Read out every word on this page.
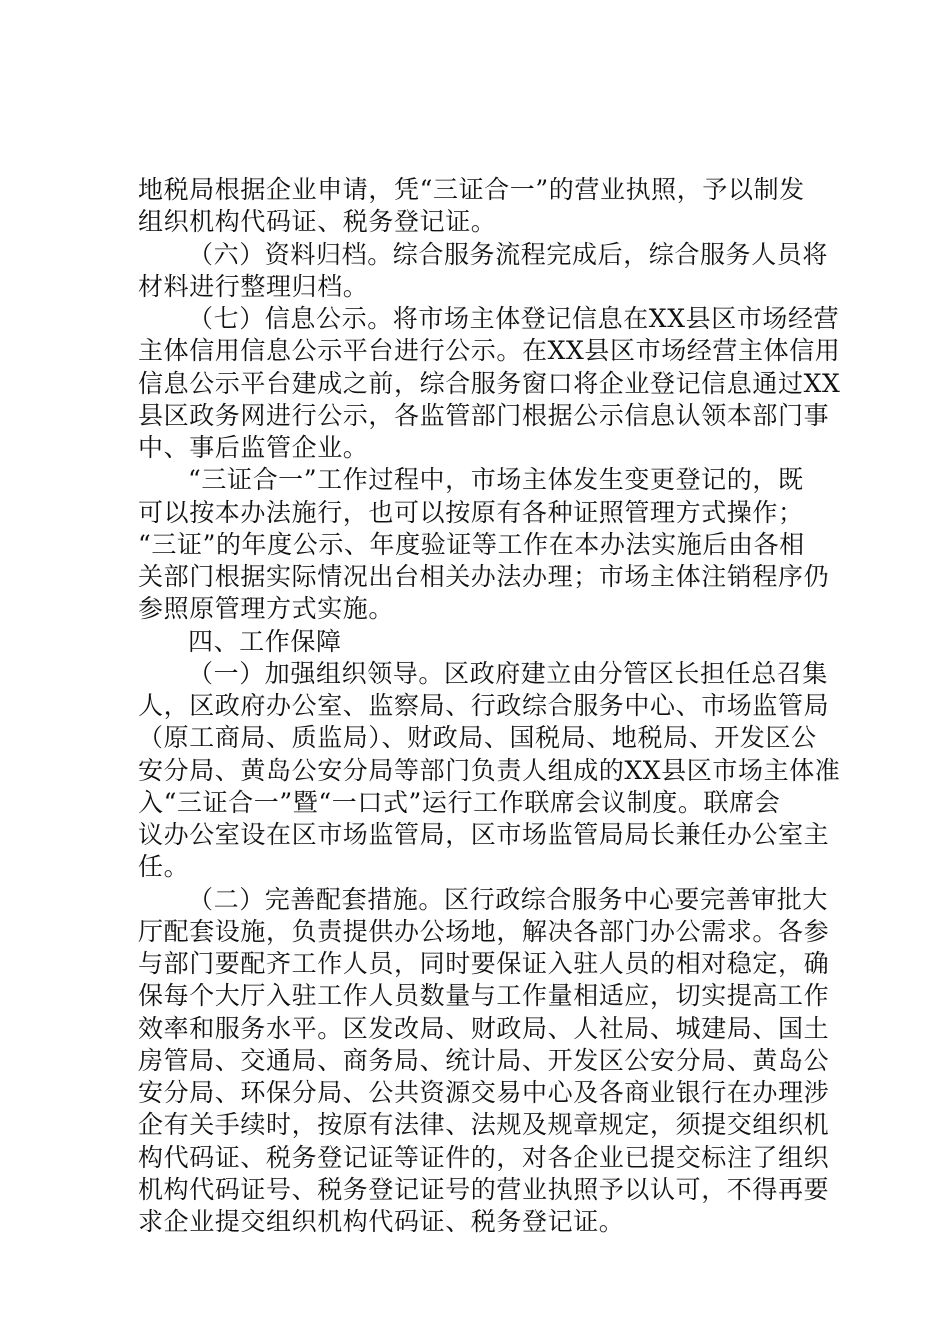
地税局根据企业申请，凭“三证合一”的营业执照，予以制发
组织机构代码证、税务登记证。
（六）资料归档。综合服务流程完成后，综合服务人员将
材料进行整理归档。
（七）信息公示。将市场主体登记信息在XX县区市场经营
主体信用信息公示平台进行公示。在XX县区市场经营主体信用
信息公示平台建成之前，综合服务窗口将企业登记信息通过XX
县区政务网进行公示，各监管部门根据公示信息认领本部门事
中、事后监管企业。
“三证合一”工作过程中，市场主体发生变更登记的，既
可以按本办法施行，也可以按原有各种证照管理方式操作；
“三证”的年度公示、年度验证等工作在本办法实施后由各相
关部门根据实际情况出台相关办法办理；市场主体注销程序仍
参照原管理方式实施。
四、工作保障
（一）加强组织领导。区政府建立由分管区长担任总召集
人，区政府办公室、监察局、行政综合服务中心、市场监管局
（原工商局、质监局）、财政局、国税局、地税局、开发区公
安分局、黄岛公安分局等部门负责人组成的XX县区市场主体准
入“三证合一”暨“一口式”运行工作联席会议制度。联席会
议办公室设在区市场监管局，区市场监管局局长兼任办公室主
任。
（二）完善配套措施。区行政综合服务中心要完善审批大
厅配套设施，负责提供办公场地，解决各部门办公需求。各参
与部门要配齐工作人员，同时要保证入驻人员的相对稳定，确
保每个大厅入驻工作人员数量与工作量相适应，切实提高工作
效率和服务水平。区发改局、财政局、人社局、城建局、国土
房管局、交通局、商务局、统计局、开发区公安分局、黄岛公
安分局、环保分局、公共资源交易中心及各商业银行在办理涉
企有关手续时，按原有法律、法规及规章规定，须提交组织机
构代码证、税务登记证等证件的，对各企业已提交标注了组织
机构代码证号、税务登记证号的营业执照予以认可，不得再要
求企业提交组织机构代码证、税务登记证。
